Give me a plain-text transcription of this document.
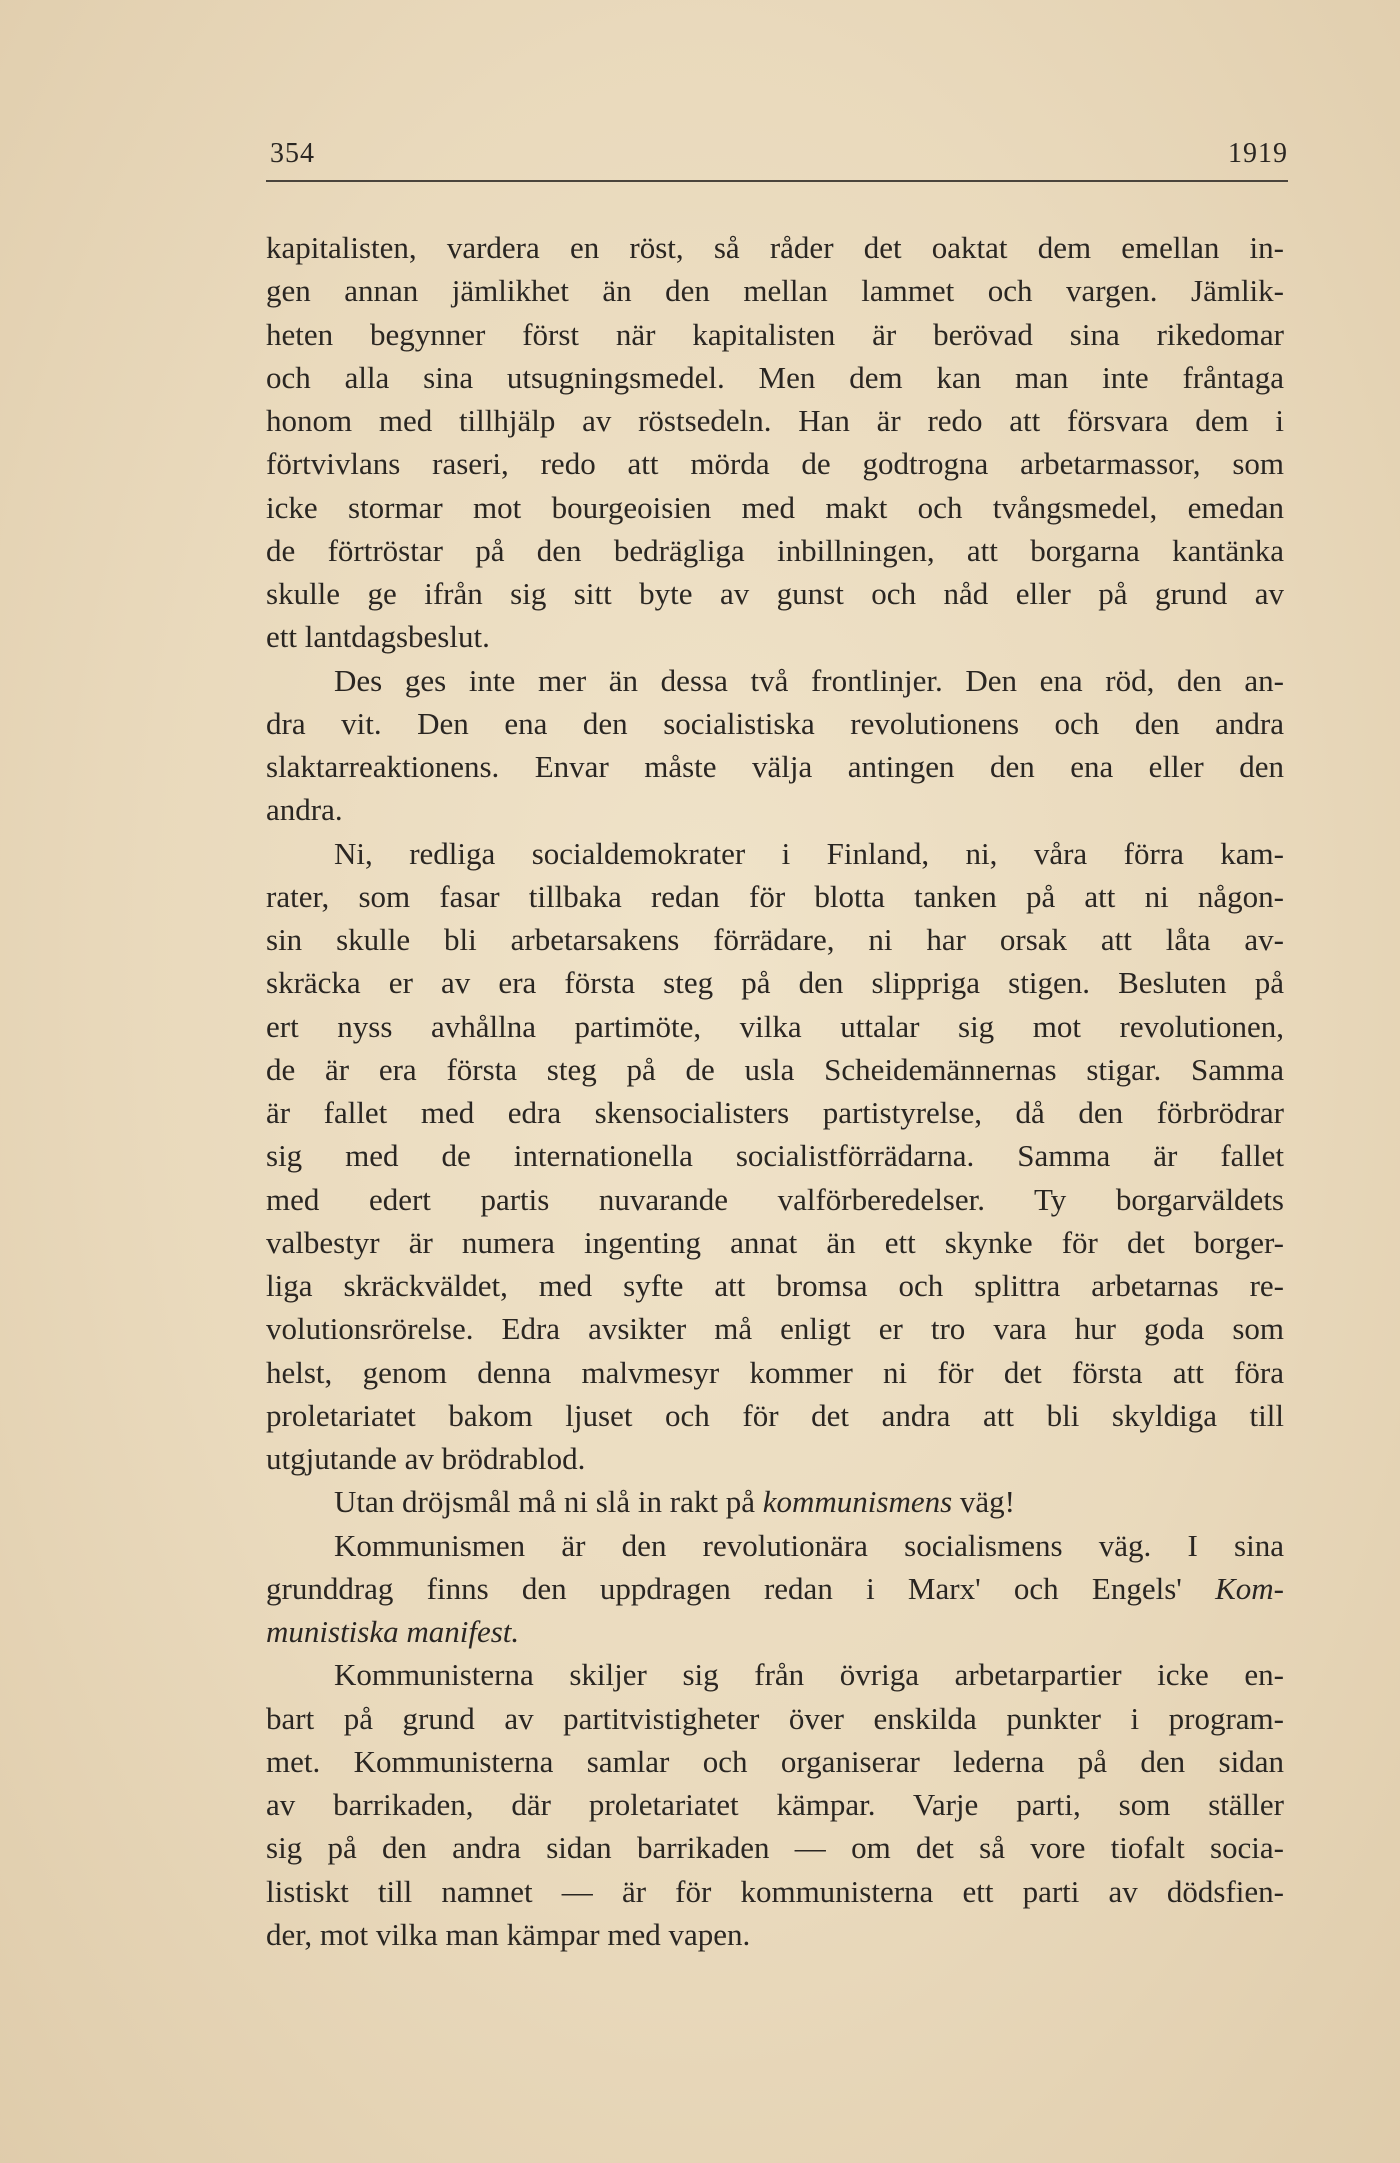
354	1919
kapitalisten, vardera en röst, så råder det oaktat dem emellan in-
gen annan jämlikhet än den mellan lammet och vargen. Jämlik-
heten begynner först när kapitalisten är berövad sina rikedomar
och alla sina utsugningsmedel. Men dem kan man inte fråntaga
honom med tillhjälp av röstsedeln. Han är redo att försvara dem i
förtvivlans raseri, redo att mörda de godtrogna arbetarmassor, som
icke stormar mot bourgeoisien med makt och tvångsmedel, emedan
de förtröstar på den bedrägliga inbillningen, att borgarna kantänka
skulle ge ifrån sig sitt byte av gunst och nåd eller på grund av
ett lantdagsbeslut.
Des ges inte mer än dessa två frontlinjer. Den ena röd, den an-
dra vit. Den ena den socialistiska revolutionens och den andra
slaktarreaktionens. Envar måste välja antingen den ena eller den
andra.
Ni, redliga socialdemokrater i Finland, ni, våra förra kam-
rater, som fasar tillbaka redan för blotta tanken på att ni någon-
sin skulle bli arbetarsakens förrädare, ni har orsak att låta av-
skräcka er av era första steg på den slippriga stigen. Besluten på
ert nyss avhållna partimöte, vilka uttalar sig mot revolutionen,
de är era första steg på de usla Scheidemännernas stigar. Samma
är fallet med edra skensocialisters partistyrelse, då den förbrödrar
sig med de internationella socialistförrädarna. Samma är fallet
med edert partis nuvarande valförberedelser. Ty borgarväldets
valbestyr är numera ingenting annat än ett skynke för det borger-
liga skräckväldet, med syfte att bromsa och splittra arbetarnas re-
volutionsrörelse. Edra avsikter må enligt er tro vara hur goda som
helst, genom denna malvmesyr kommer ni för det första att föra
proletariatet bakom ljuset och för det andra att bli skyldiga till
utgjutande av brödrablod.
Utan dröjsmål må ni slå in rakt på kommunismens väg!
Kommunismen är den revolutionära socialismens väg. I sina
grunddrag finns den uppdragen redan i Marx' och Engels' Kom-
munistiska manifest.
Kommunisterna skiljer sig från övriga arbetarpartier icke en-
bart på grund av partitvistigheter över enskilda punkter i program-
met. Kommunisterna samlar och organiserar lederna på den sidan
av barrikaden, där proletariatet kämpar. Varje parti, som ställer
sig på den andra sidan barrikaden — om det så vore tiofalt socia-
listiskt till namnet — är för kommunisterna ett parti av dödsfien-
der, mot vilka man kämpar med vapen.
